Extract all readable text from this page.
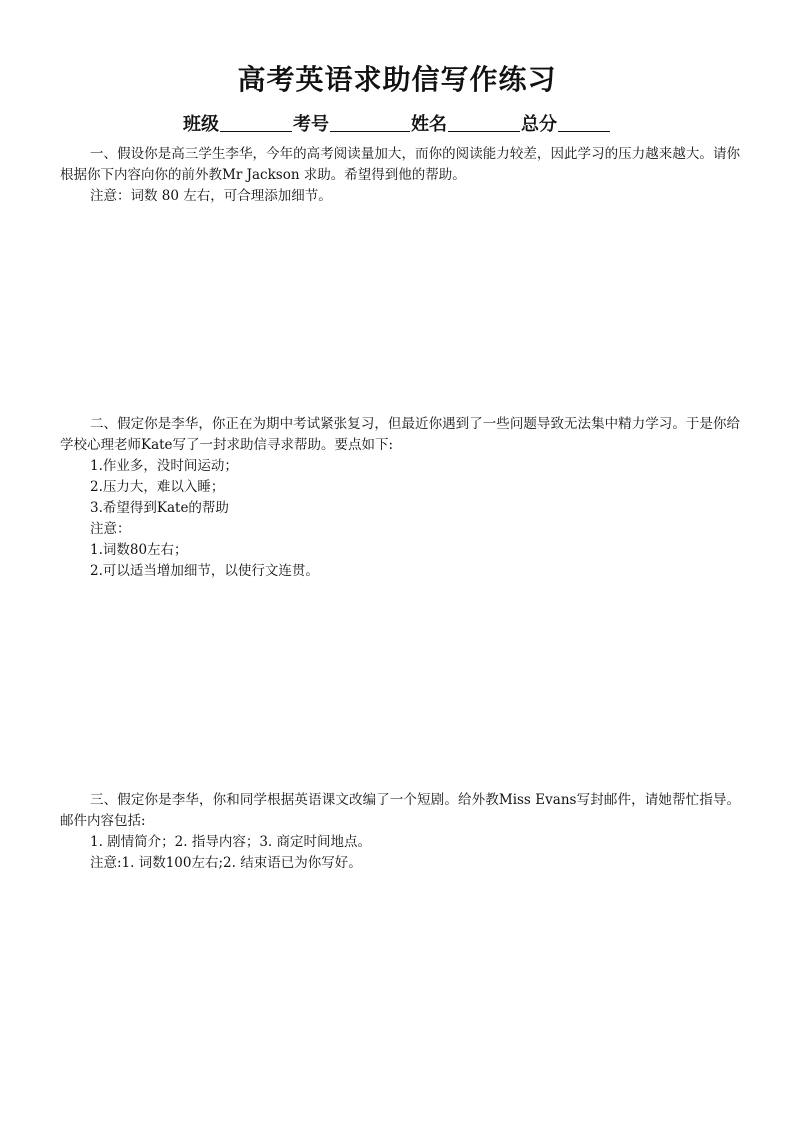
高考英语求助信写作练习
班级	考号	姓名	总分

一、假设你是高三学生李华，今年的高考阅读量加大，而你的阅读能力较差，因此学习的压力越来越大。请你根据你下内容向你的前外教Mr Jackson 求助。希望得到他的帮助。

注意：词数 80 左右，可合理添加细节。

二、假定你是李华，你正在为期中考试紧张复习，但最近你遇到了一些问题导致无法集中精力学习。于是你给学校心理老师Kate写了一封求助信寻求帮助。要点如下:

1.作业多，没时间运动；

2.压力大，难以入睡；

3.希望得到Kate的帮助

注意：

1.词数80左右；

2.可以适当增加细节，以使行文连贯。

三、假定你是李华，你和同学根据英语课文改编了一个短剧。给外教Miss Evans写封邮件，请她帮忙指导。邮件内容包括:

1. 剧情简介；2. 指导内容；3. 商定时间地点。

注意:1. 词数100左右;2. 结束语已为你写好。
